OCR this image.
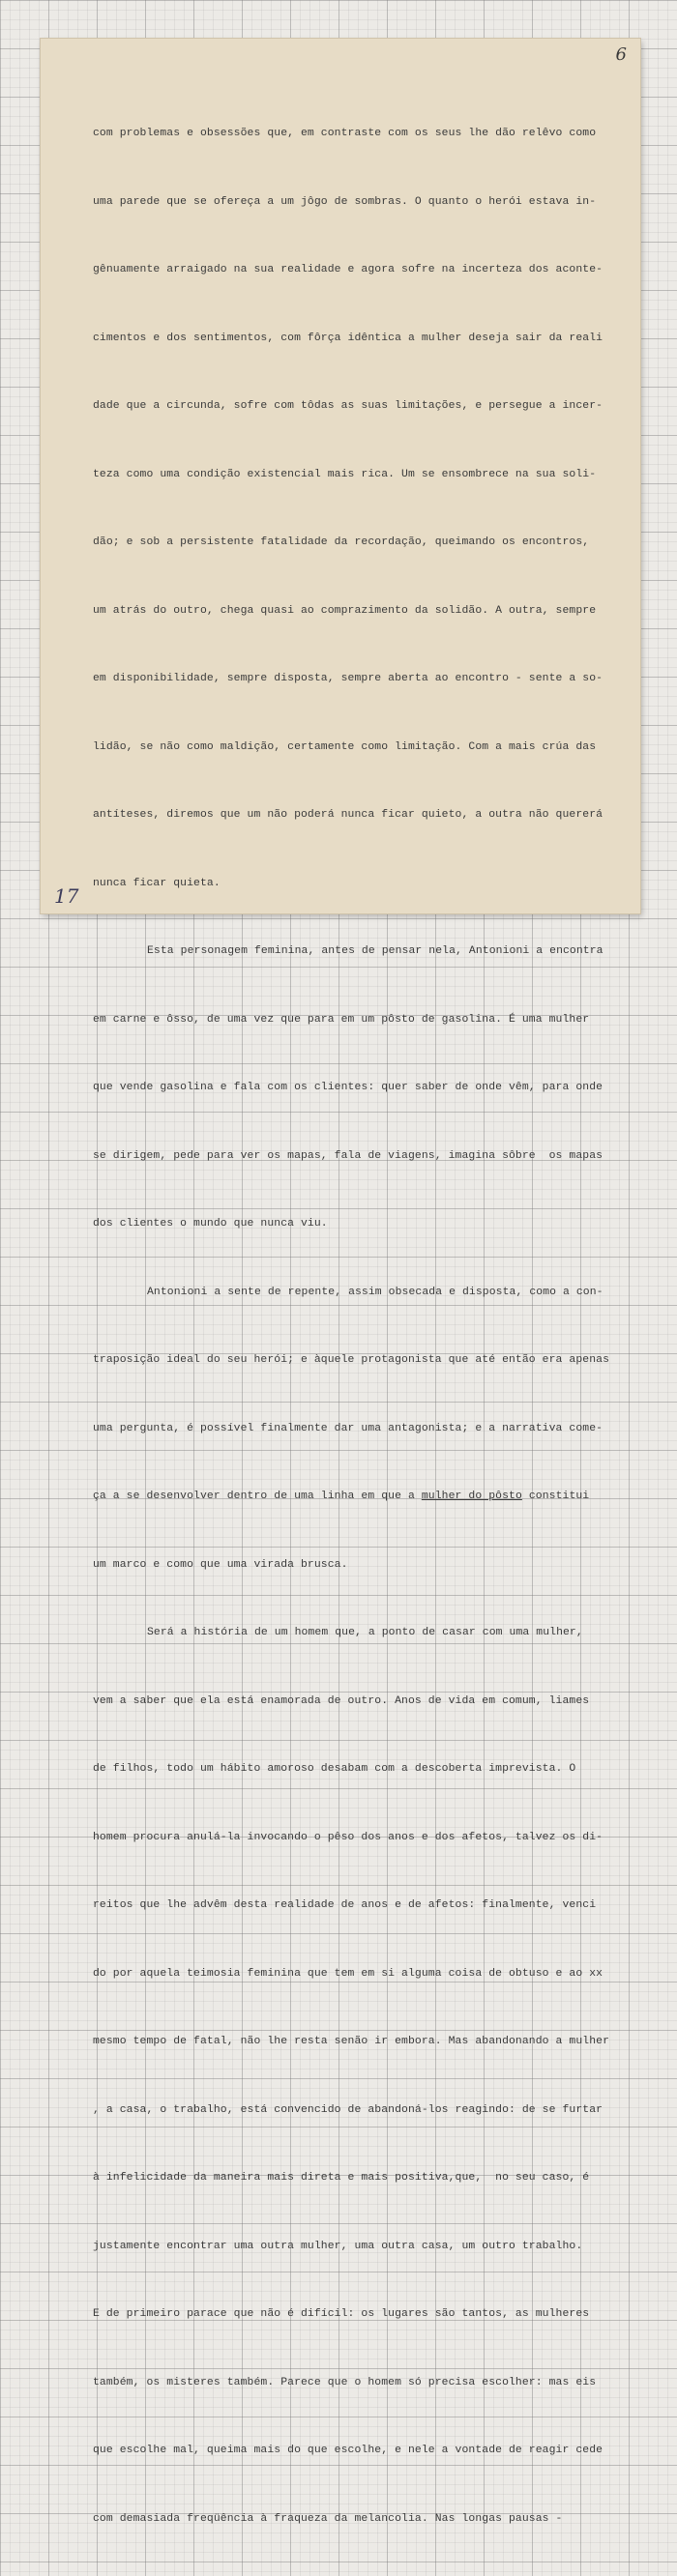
6

com problemas e obsessões que, em contraste com os seus lhe dão relêvo como

uma parede que se ofereça a um jôgo de sombras. O quanto o herói estava in-

gênuamente arraigado na sua realidade e agora sofre na incerteza dos aconte-

cimentos e dos sentimentos, com fôrça idêntica a mulher deseja sair da reali

dade que a circunda, sofre com tôdas as suas limitações, e persegue a incer-

teza como uma condição existencial mais rica. Um se ensombrece na sua soli-

dão; e sob a persistente fatalidade da recordação, queimando os encontros,

um atrás do outro, chega quasi ao comprazimento da solidão. A outra, sempre

em disponibilidade, sempre disposta, sempre aberta ao encontro - sente a so-

lidão, se não como maldição, certamente como limitação. Com a mais crúa das

antíteses, diremos que um não poderá nunca ficar quieto, a outra não quererá

nunca ficar quieta.

Esta personagem feminina, antes de pensar nela, Antonioni a encontra

em carne e ôsso, de uma vez que para em um pôsto de gasolina. É uma mulher

que vende gasolina e fala com os clientes: quer saber de onde vêm, para onde

se dirigem, pede para ver os mapas, fala de viagens, imagina sôbre  os mapas

dos clientes o mundo que nunca viu.

Antonioni a sente de repente, assim obsecada e disposta, como a con-

traposição ideal do seu herói; e àquele protagonista que até então era apenas

uma pergunta, é possível finalmente dar uma antagonista; e a narrativa come-

ça a se desenvolver dentro de uma linha em que a mulher do pôsto constitui

um marco e como que uma virada brusca.

Será a história de um homem que, a ponto de casar com uma mulher,

vem a saber que ela está enamorada de outro. Anos de vida em comum, liames

de filhos, todo um hábito amoroso desabam com a descoberta imprevista. O

homem procura anulá-la invocando o pêso dos anos e dos afetos, talvez os di-

reitos que lhe advêm desta realidade de anos e de afetos: finalmente, venci

do por aquela teimosia feminina que tem em si alguma coisa de obtuso e ao xx

mesmo tempo de fatal, não lhe resta senão ir embora. Mas abandonando a mulher

, a casa, o trabalho, está convencido de abandoná-los reagindo: de se furtar

à infelicidade da maneira mais direta e mais positiva,que,  no seu caso, é

justamente encontrar uma outra mulher, uma outra casa, um outro trabalho.

E de primeiro parace que não é difícil: os lugares são tantos, as mulheres

também, os misteres também. Parece que o homem só precisa escolher: mas eis

que escolhe mal, queima mais do que escolhe, e nele a vontade de reagir cede

com demasiada freqüência à fraqueza da melancolia. Nas longas pausas -

17
